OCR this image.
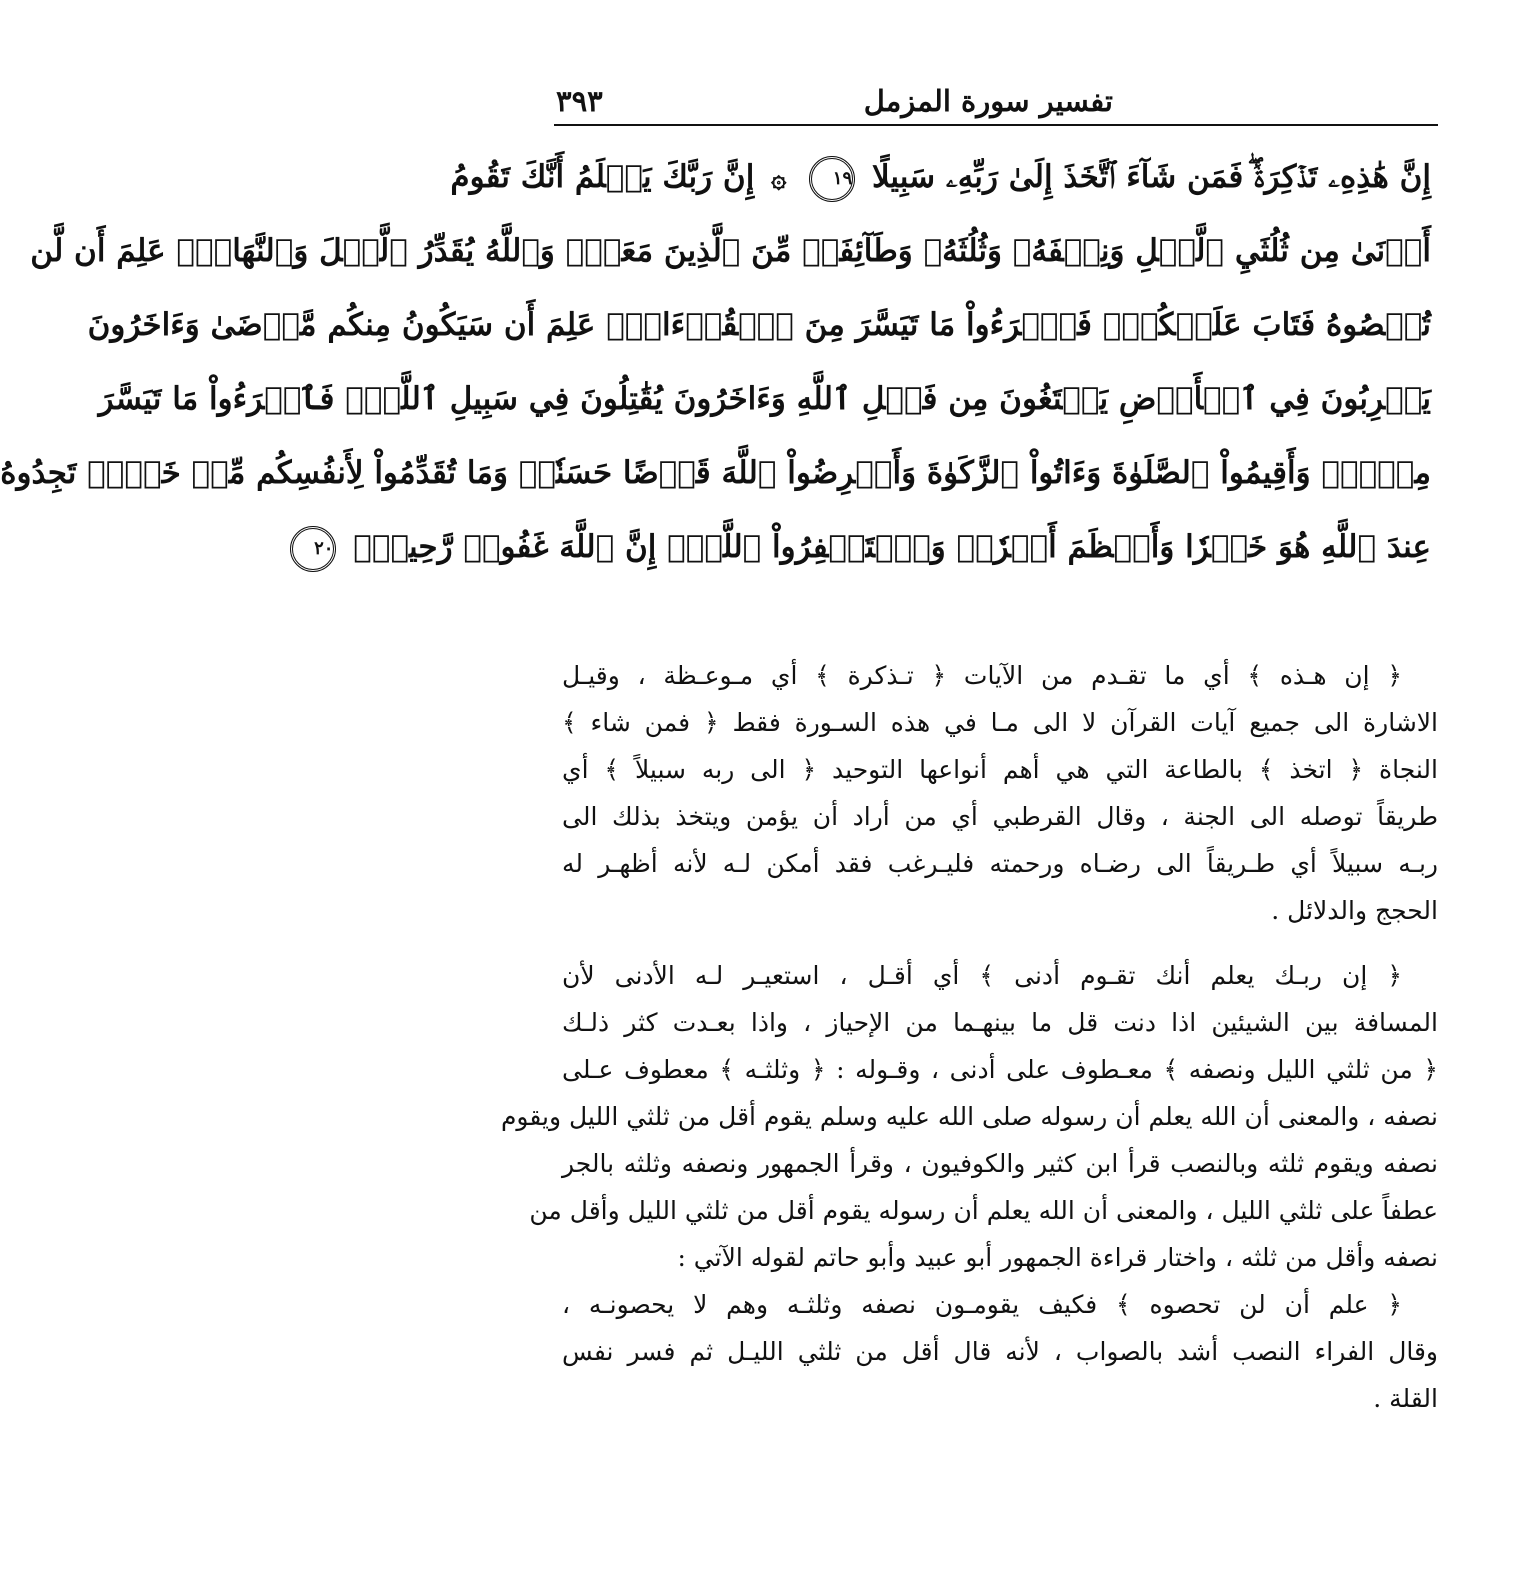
تفسير سورة المزمل
٣٩٣
إِنَّ هَٰذِهِۦ تَذۡكِرَةٞۖ فَمَن شَآءَ ٱتَّخَذَ إِلَىٰ رَبِّهِۦ سَبِيلًا ١٩ ۞ إِنَّ رَبَّكَ يَعۡلَمُ أَنَّكَ تَقُومُ
أَدۡنَىٰ مِن ثُلُثَيِ ٱلَّيۡلِ وَنِصۡفَهُۥ وَثُلُثَهُۥ وَطَآئِفَةٞ مِّنَ ٱلَّذِينَ مَعَكَۚ وَٱللَّهُ يُقَدِّرُ ٱلَّيۡلَ وَٱلنَّهَارَۚ عَلِمَ أَن لَّن
تُحۡصُوهُ فَتَابَ عَلَيۡكُمۡۖ فَٱقۡرَءُواْ مَا تَيَسَّرَ مِنَ ٱلۡقُرۡءَانِۚ عَلِمَ أَن سَيَكُونُ مِنكُم مَّرۡضَىٰ وَءَاخَرُونَ
يَضۡرِبُونَ فِي ٱلۡأَرۡضِ يَبۡتَغُونَ مِن فَضۡلِ ٱللَّهِ وَءَاخَرُونَ يُقَٰتِلُونَ فِي سَبِيلِ ٱللَّهِۖ فَٱقۡرَءُواْ مَا تَيَسَّرَ
مِنۡهُۚ وَأَقِيمُواْ ٱلصَّلَوٰةَ وَءَاتُواْ ٱلزَّكَوٰةَ وَأَقۡرِضُواْ ٱللَّهَ قَرۡضًا حَسَنٗاۚ وَمَا تُقَدِّمُواْ لِأَنفُسِكُم مِّنۡ خَيۡرٖ تَجِدُوهُ
عِندَ ٱللَّهِ هُوَ خَيۡرٗا وَأَعۡظَمَ أَجۡرٗاۚ وَٱسۡتَغۡفِرُواْ ٱللَّهَۖ إِنَّ ٱللَّهَ غَفُورٞ رَّحِيمُۢ ٢٠
﴿ إن هـذه ﴾ أي ما تقـدم من الآيات ﴿ تـذكرة ﴾ أي مـوعـظة ، وقيـل
الاشارة الى جميع آيات القرآن لا الى مـا في هذه السـورة فقط ﴿ فمن شاء ﴾
النجاة ﴿ اتخذ ﴾ بالطاعة التي هي أهم أنواعها التوحيد ﴿ الى ربه سبيلاً ﴾ أي
طريقاً توصله الى الجنة ، وقال القرطبي أي من أراد أن يؤمن ويتخذ بذلك الى
ربـه سبيلاً أي طـريقاً الى رضـاه ورحمته فليـرغب فقد أمكن لـه لأنه أظهـر له
الحجج والدلائل .
﴿ إن ربـك يعلم أنك تقـوم أدنى ﴾ أي أقـل ، استعيـر لـه الأدنى لأن
المسافة بين الشيئين اذا دنت قل ما بينهـما من الإحياز ، واذا بعـدت كثر ذلـك
﴿ من ثلثي الليل ونصفه ﴾ معـطوف على أدنى ، وقـوله : ﴿ وثلثـه ﴾ معطوف عـلى
نصفه ، والمعنى أن الله يعلم أن رسوله صلى الله عليه وسلم يقوم أقل من ثلثي الليل ويقوم
نصفه ويقوم ثلثه وبالنصب قرأ ابن كثير والكوفيون ، وقرأ الجمهور ونصفه وثلثه بالجر
عطفاً على ثلثي الليل ، والمعنى أن الله يعلم أن رسوله يقوم أقل من ثلثي الليل وأقل من
نصفه وأقل من ثلثه ، واختار قراءة الجمهور أبو عبيد وأبو حاتم لقوله الآتي :
﴿ علم أن لن تحصوه ﴾ فكيف يقومـون نصفه وثلثـه وهم لا يحصونـه ،
وقال الفراء النصب أشد بالصواب ، لأنه قال أقل من ثلثي الليـل ثم فسر نفس
القلة .
